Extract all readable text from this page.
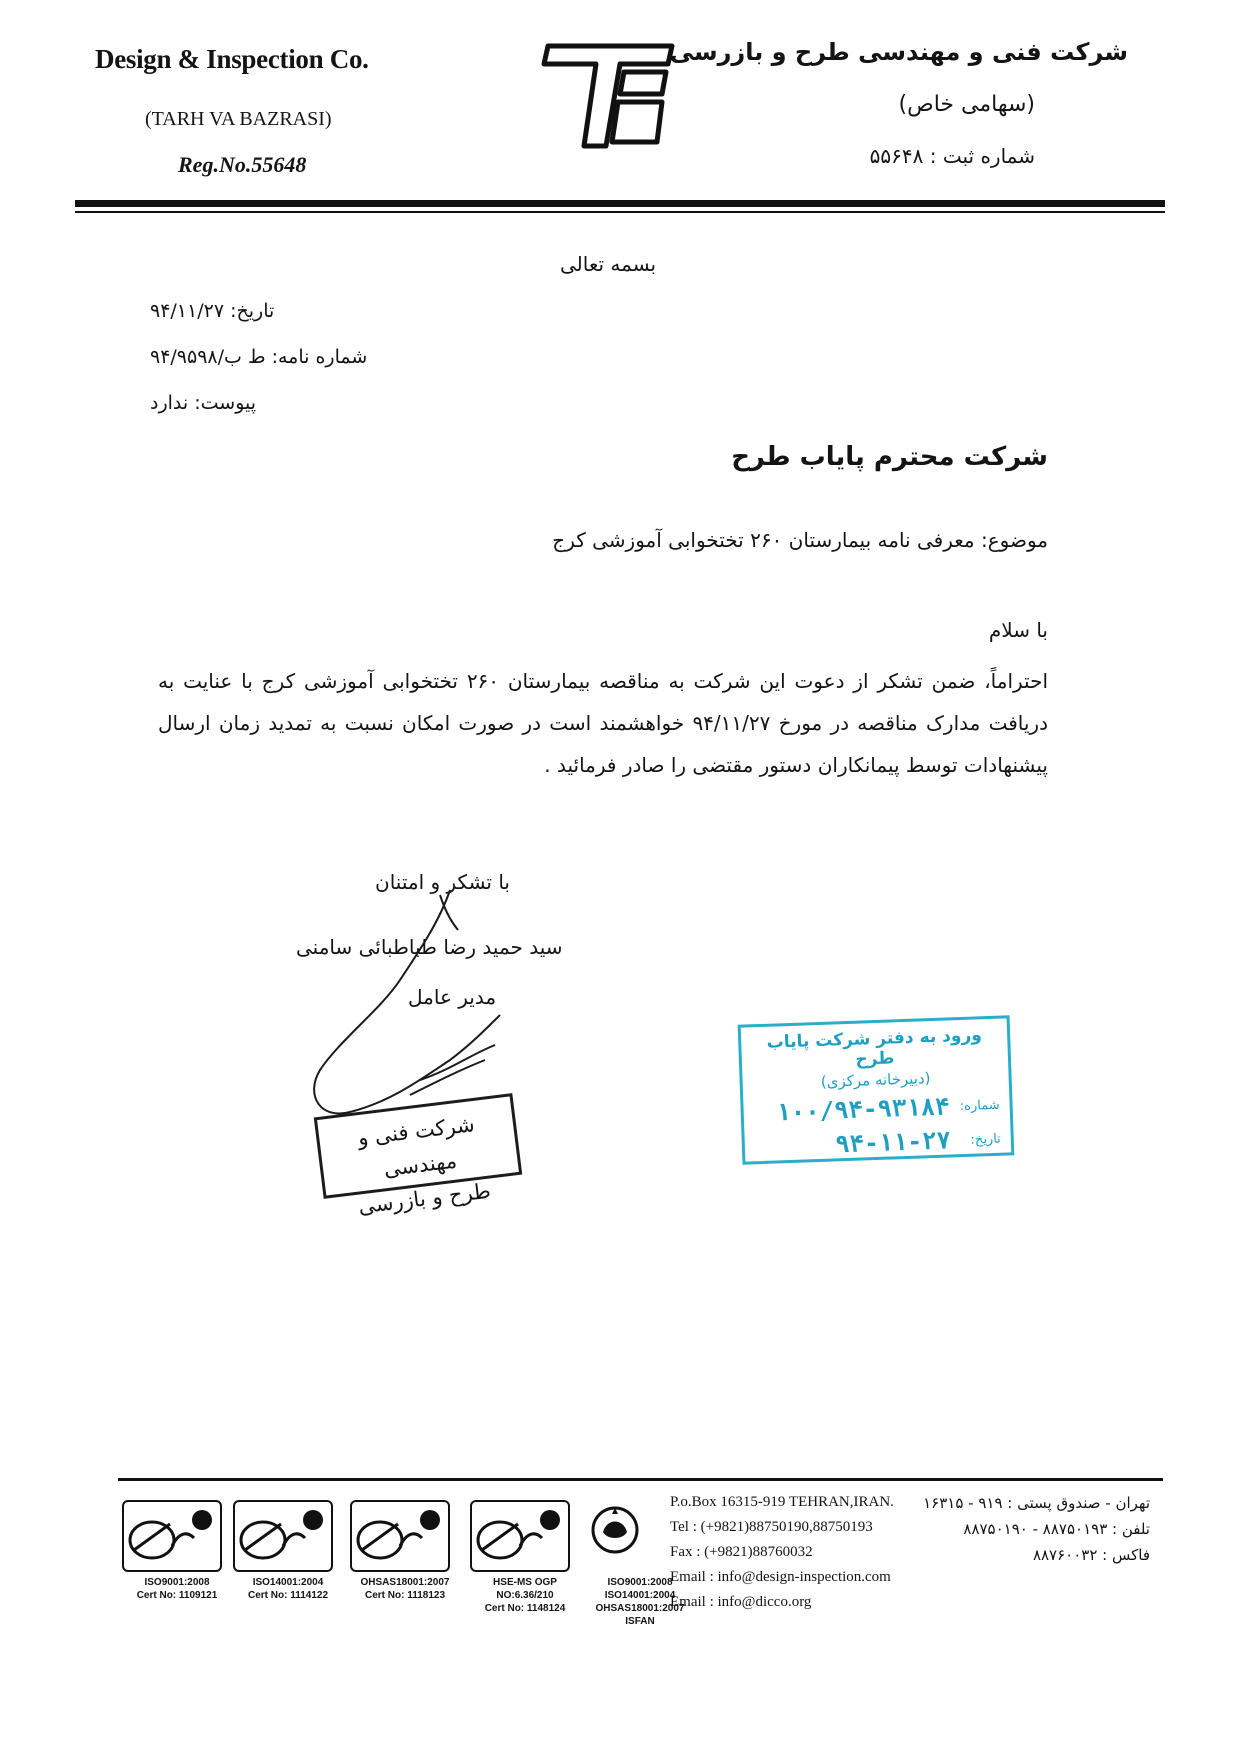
Design & Inspection Co.
(TARH VA BAZRASI)
Reg.No.55648
شرکت فنی و مهندسی طرح و بازرسی
(سهامی خاص)
شماره ثبت : ۵۵۶۴۸
بسمه تعالی
تاریخ: ۹۴/۱۱/۲۷
شماره نامه: ط ب/۹۴/۹۵۹۸
پیوست: ندارد
شرکت محترم پایاب طرح
موضوع: معرفی نامه بیمارستان ۲۶۰ تختخوابی آموزشی کرج
با سلام
احتراماً، ضمن تشکر از دعوت این شرکت به مناقصه بیمارستان ۲۶۰ تختخوابی آموزشی کرج با عنایت به دریافت مدارک مناقصه در مورخ ۹۴/۱۱/۲۷ خواهشمند است در صورت امکان نسبت به تمدید زمان ارسال پیشنهادات توسط پیمانکاران دستور مقتضی را صادر فرمائید .
با تشکر و امتنان
سید حمید رضا طباطبائی سامنی
مدیر عامل
شرکت فنی و مهندسی
طرح و بازرسی
ورود به دفتر شرکت پایاب طرح
(دبیرخانه مرکزی)
شماره:
۱۰۰/۹۴-۹۳۱۸۴
تاریخ:
۹۴-۱۱-۲۷
ISO9001:2008
Cert No: 1109121
ISO14001:2004
Cert No: 1114122
OHSAS18001:2007
Cert No: 1118123
HSE-MS OGP NO:6.36/210
Cert No: 1148124
ISO9001:2008
ISO14001:2004
OHSAS18001:2007
ISFAN
P.o.Box 16315-919 TEHRAN,IRAN.
Tel : (+9821)88750190,88750193
Fax : (+9821)88760032
Email : info@design-inspection.com
Email : info@dicco.org
تهران - صندوق پستی : ۹۱۹ - ۱۶۳۱۵
تلفن : ۸۸۷۵۰۱۹۳ - ۸۸۷۵۰۱۹۰
فاکس : ۸۸۷۶۰۰۳۲
